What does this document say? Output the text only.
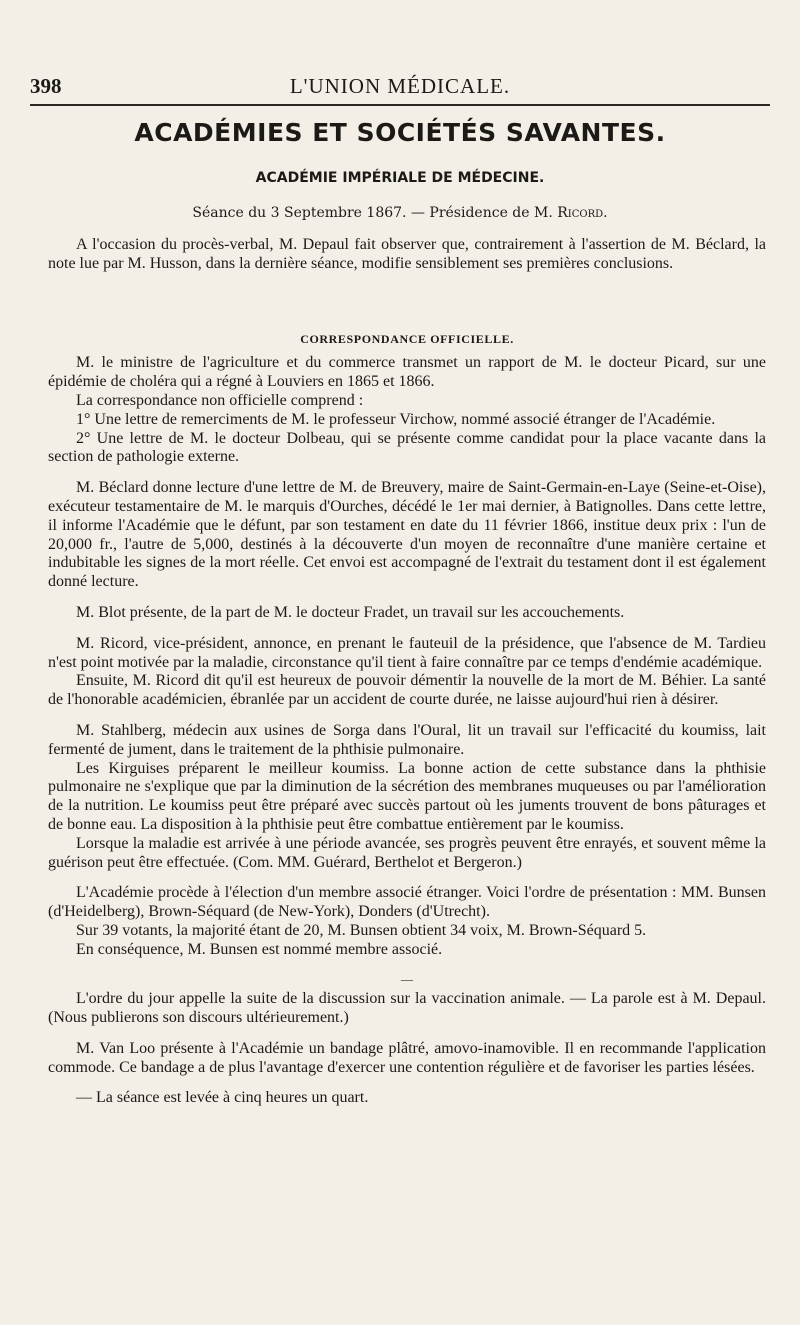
398	L'UNION MÉDICALE.
ACADÉMIES ET SOCIÉTÉS SAVANTES.
ACADÉMIE IMPÉRIALE DE MÉDECINE.
Séance du 3 Septembre 1867. — Présidence de M. Ricord.

A l'occasion du procès-verbal, M. Depaul fait observer que, contrairement à l'assertion de M. Béclard, la note lue par M. Husson, dans la dernière séance, modifie sensiblement ses premières conclusions.

CORRESPONDANCE OFFICIELLE.

M. le ministre de l'agriculture et du commerce transmet un rapport de M. le docteur Picard, sur une épidémie de choléra qui a régné à Louviers en 1865 et 1866.

La correspondance non officielle comprend :

1° Une lettre de remerciments de M. le professeur Virchow, nommé associé étranger de l'Académie.

2° Une lettre de M. le docteur Dolbeau, qui se présente comme candidat pour la place vacante dans la section de pathologie externe.

M. Béclard donne lecture d'une lettre de M. de Breuvery, maire de Saint-Germain-en-Laye (Seine-et-Oise), exécuteur testamentaire de M. le marquis d'Ourches, décédé le 1er mai dernier, à Batignolles. Dans cette lettre, il informe l'Académie que le défunt, par son testament en date du 11 février 1866, institue deux prix : l'un de 20,000 fr., l'autre de 5,000, destinés à la découverte d'un moyen de reconnaître d'une manière certaine et indubitable les signes de la mort réelle. Cet envoi est accompagné de l'extrait du testament dont il est également donné lecture.

M. Blot présente, de la part de M. le docteur Fradet, un travail sur les accouchements.

M. Ricord, vice-président, annonce, en prenant le fauteuil de la présidence, que l'absence de M. Tardieu n'est point motivée par la maladie, circonstance qu'il tient à faire connaître par ce temps d'endémie académique.

Ensuite, M. Ricord dit qu'il est heureux de pouvoir démentir la nouvelle de la mort de M. Béhier. La santé de l'honorable académicien, ébranlée par un accident de courte durée, ne laisse aujourd'hui rien à désirer.

M. Stahlberg, médecin aux usines de Sorga dans l'Oural, lit un travail sur l'efficacité du koumiss, lait fermenté de jument, dans le traitement de la phthisie pulmonaire.

Les Kirguises préparent le meilleur koumiss. La bonne action de cette substance dans la phthisie pulmonaire ne s'explique que par la diminution de la sécrétion des membranes muqueuses ou par l'amélioration de la nutrition. Le koumiss peut être préparé avec succès partout où les juments trouvent de bons pâturages et de bonne eau. La disposition à la phthisie peut être combattue entièrement par le koumiss.

Lorsque la maladie est arrivée à une période avancée, ses progrès peuvent être enrayés, et souvent même la guérison peut être effectuée. (Com. MM. Guérard, Berthelot et Bergeron.)

L'Académie procède à l'élection d'un membre associé étranger. Voici l'ordre de présentation : MM. Bunsen (d'Heidelberg), Brown-Séquard (de New-York), Donders (d'Utrecht).

Sur 39 votants, la majorité étant de 20, M. Bunsen obtient 34 voix, M. Brown-Séquard 5.

En conséquence, M. Bunsen est nommé membre associé.

—

L'ordre du jour appelle la suite de la discussion sur la vaccination animale. — La parole est à M. Depaul. (Nous publierons son discours ultérieurement.)

M. Van Loo présente à l'Académie un bandage plâtré, amovo-inamovible. Il en recommande l'application commode. Ce bandage a de plus l'avantage d'exercer une contention régulière et de favoriser les parties lésées.

— La séance est levée à cinq heures un quart.
